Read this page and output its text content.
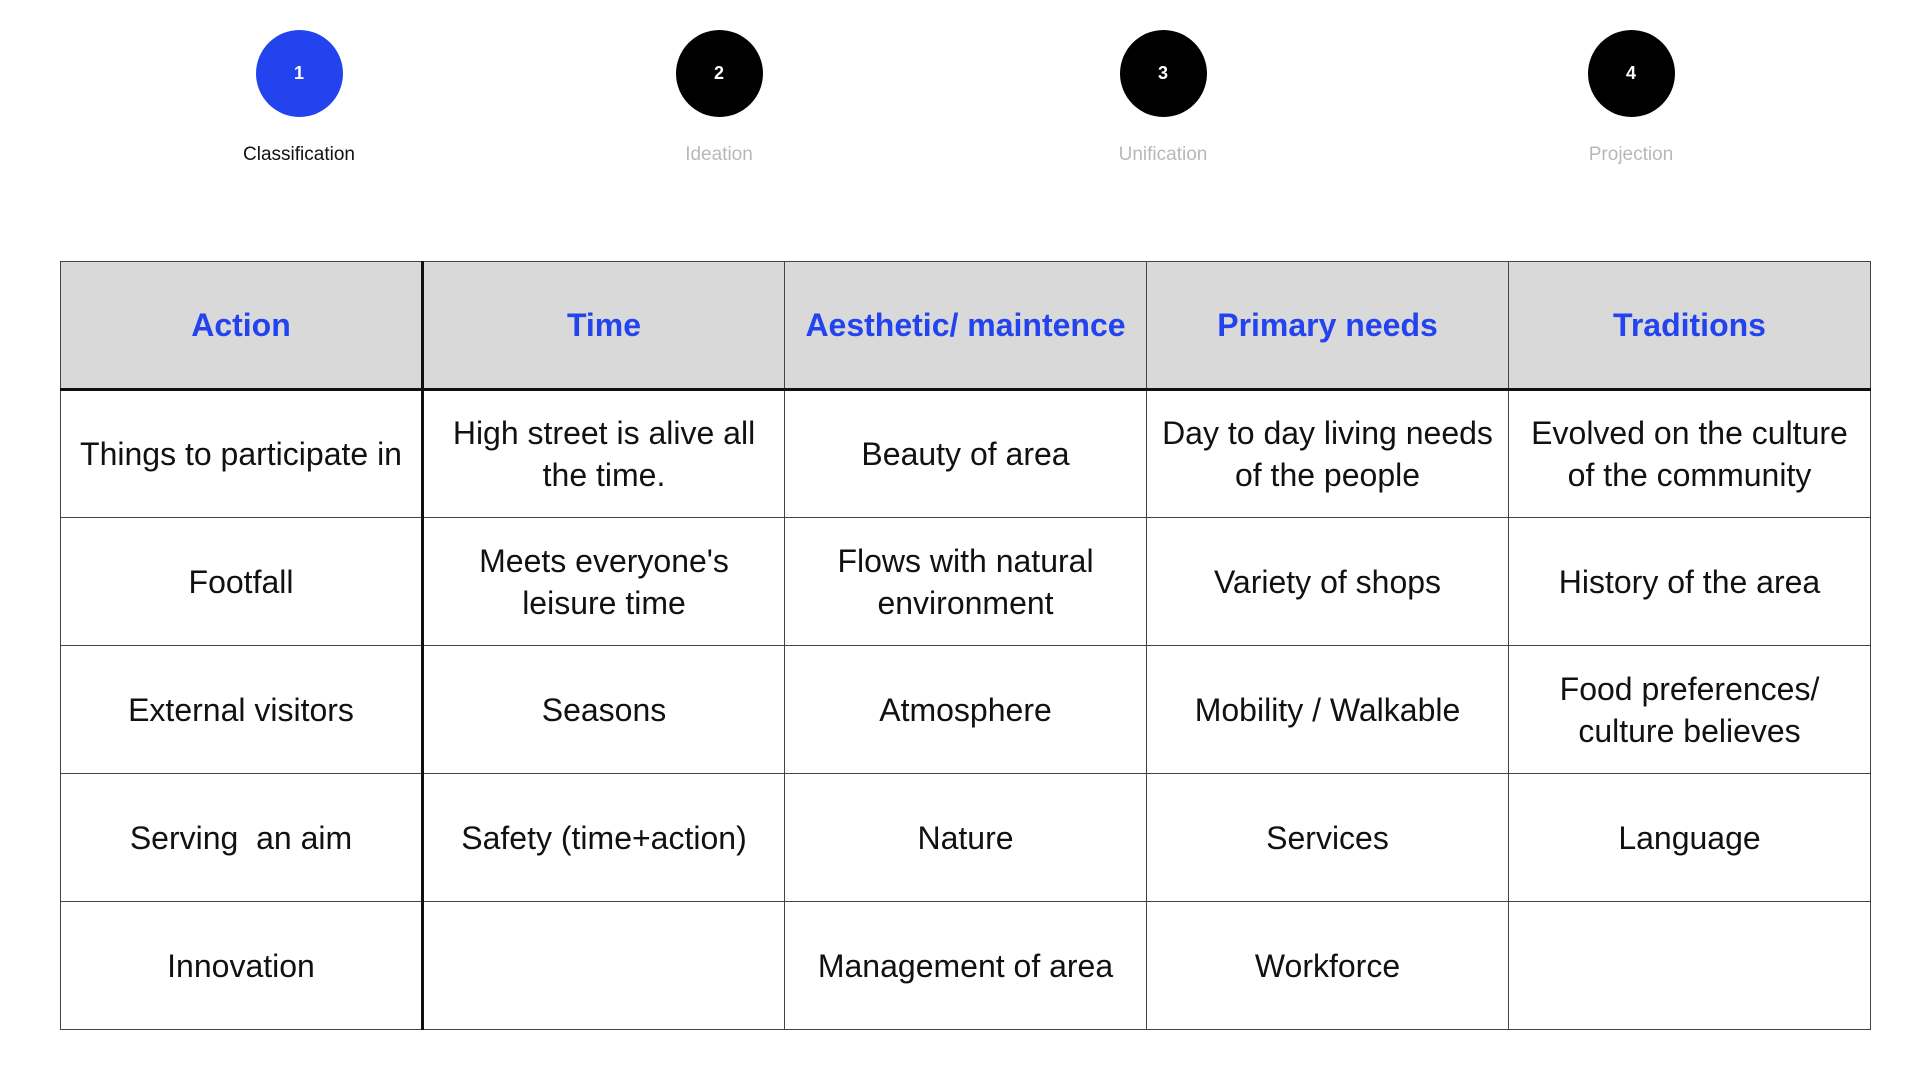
1
Classification
2
Ideation
3
Unification
4
Projection
Action	Time	Aesthetic/ maintence	Primary needs	Traditions
Things to participate in	High street is alive all the time.	Beauty of area	Day to day living needs of the people	Evolved on the culture of the community
Footfall	Meets everyone's leisure time	Flows with natural environment	Variety of shops	History of the area
External visitors	Seasons	Atmosphere	Mobility / Walkable	Food preferences/ culture believes
Serving  an aim	Safety (time+action)	Nature	Services	Language
Innovation		Management of area	Workforce	
